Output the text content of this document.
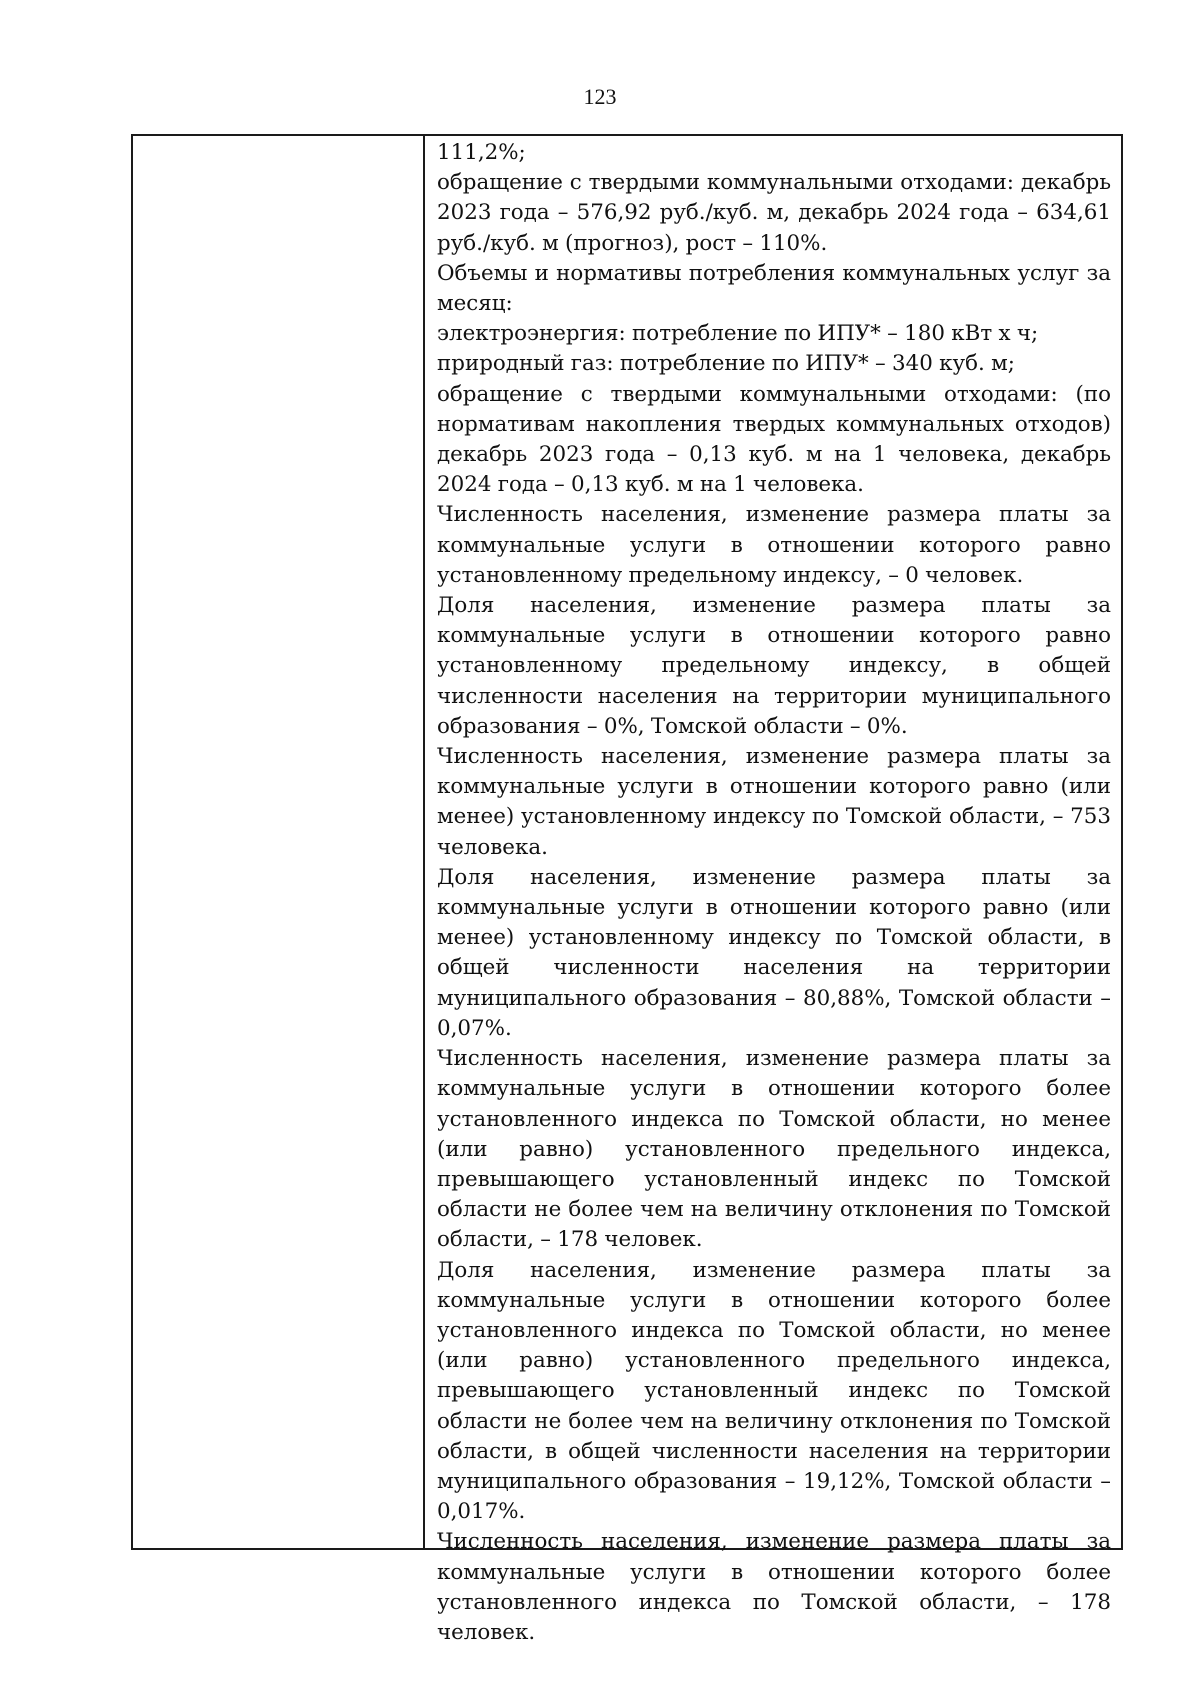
123

111,2%;

обращение с твердыми коммунальными отходами: декабрь 2023 года – 576,92 руб./куб. м, декабрь 2024 года – 634,61 руб./куб. м (прогноз), рост – 110%.

Объемы и нормативы потребления коммунальных услуг за месяц:

электроэнергия: потребление по ИПУ* – 180 кВт х ч;

природный газ: потребление по ИПУ* – 340 куб. м;

обращение с твердыми коммунальными отходами: (по нормативам накопления твердых коммунальных отходов) декабрь 2023 года – 0,13 куб. м на 1 человека, декабрь 2024 года – 0,13 куб. м на 1 человека.

Численность населения, изменение размера платы за коммунальные услуги в отношении которого равно установленному предельному индексу, – 0 человек.

Доля населения, изменение размера платы за коммунальные услуги в отношении которого равно установленному предельному индексу, в общей численности населения на территории муниципального образования – 0%, Томской области – 0%.

Численность населения, изменение размера платы за коммунальные услуги в отношении которого равно (или менее) установленному индексу по Томской области, – 753 человека.

Доля населения, изменение размера платы за коммунальные услуги в отношении которого равно (или менее) установленному индексу по Томской области, в общей численности населения на территории муниципального образования – 80,88%, Томской области – 0,07%.

Численность населения, изменение размера платы за коммунальные услуги в отношении которого более установленного индекса по Томской области, но менее (или равно) установленного предельного индекса, превышающего установленный индекс по Томской области не более чем на величину отклонения по Томской области, – 178 человек.

Доля населения, изменение размера платы за коммунальные услуги в отношении которого более установленного индекса по Томской области, но менее (или равно) установленного предельного индекса, превышающего установленный индекс по Томской области не более чем на величину отклонения по Томской области, в общей численности населения на территории муниципального образования – 19,12%, Томской области – 0,017%.

Численность населения, изменение размера платы за коммунальные услуги в отношении которого более установленного индекса по Томской области, – 178 человек.
